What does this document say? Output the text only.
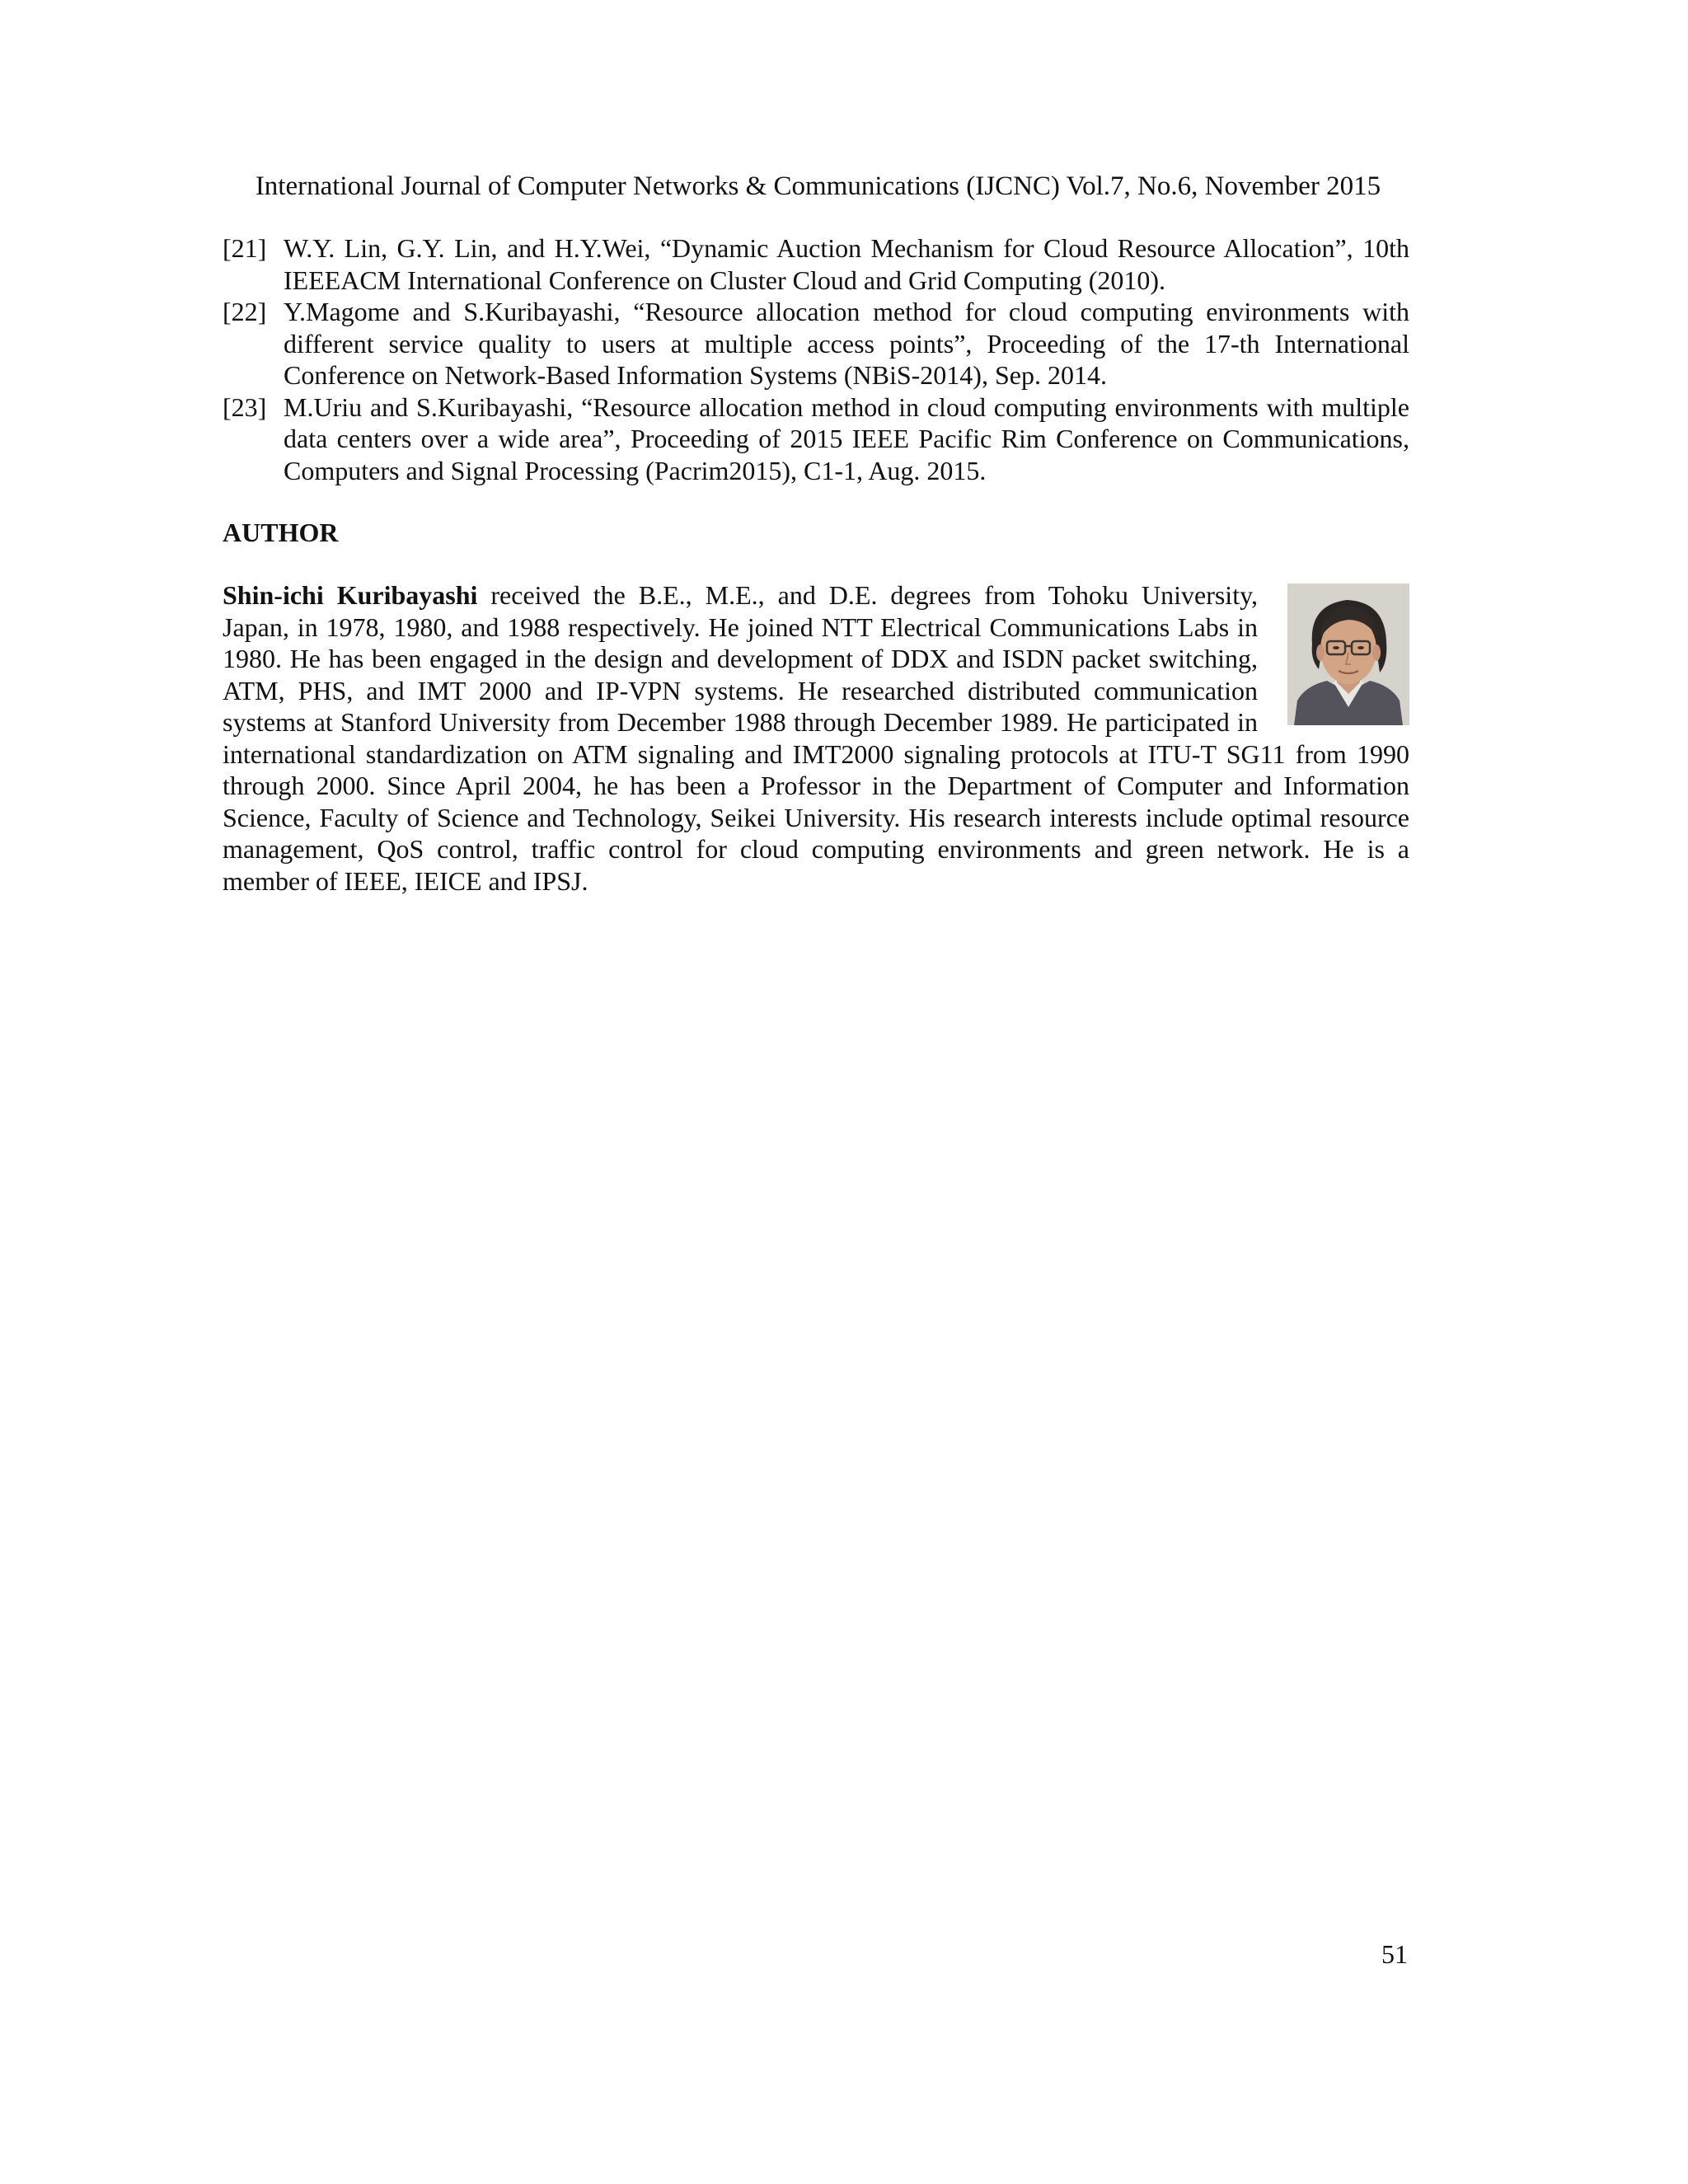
International Journal of Computer Networks & Communications (IJCNC) Vol.7, No.6, November 2015
[21] W.Y. Lin, G.Y. Lin, and H.Y.Wei, “Dynamic Auction Mechanism for Cloud Resource Allocation”, 10th IEEEACM International Conference on Cluster Cloud and Grid Computing (2010).
[22] Y.Magome and S.Kuribayashi, “Resource allocation method for cloud computing environments with different service quality to users at multiple access points”, Proceeding of the 17-th International Conference on Network-Based Information Systems (NBiS-2014), Sep. 2014.
[23] M.Uriu and S.Kuribayashi, “Resource allocation method in cloud computing environments with multiple data centers over a wide area”, Proceeding of 2015 IEEE Pacific Rim Conference on Communications, Computers and Signal Processing (Pacrim2015), C1-1, Aug. 2015.
AUTHOR
Shin-ichi Kuribayashi received the B.E., M.E., and D.E. degrees from Tohoku University, Japan, in 1978, 1980, and 1988 respectively. He joined NTT Electrical Communications Labs in 1980. He has been engaged in the design and development of DDX and ISDN packet switching, ATM, PHS, and IMT 2000 and IP-VPN systems. He researched distributed communication systems at Stanford University from December 1988 through December 1989. He participated in international standardization on ATM signaling and IMT2000 signaling protocols at ITU-T SG11 from 1990 through 2000. Since April 2004, he has been a Professor in the Department of Computer and Information Science, Faculty of Science and Technology, Seikei University. His research interests include optimal resource management, QoS control, traffic control for cloud computing environments and green network. He is a member of IEEE, IEICE and IPSJ.
51
